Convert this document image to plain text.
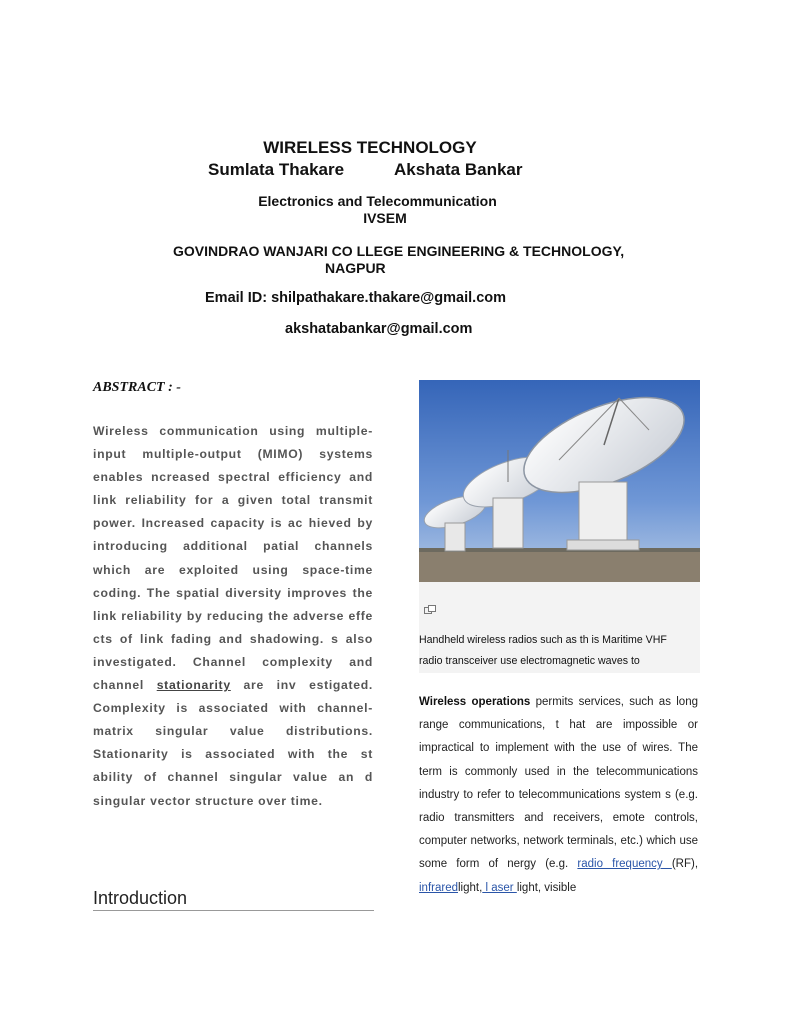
WIRELESS TECHNOLOGY
Sumlata Thakare	Akshata Bankar
Electronics and Telecommunication
IVSEM
GOVINDRAO WANJARI CO LLEGE ENGINEERING & TECHNOLOGY,
NAGPUR
Email ID: shilpathakare.thakare@gmail.com
akshatabankar@gmail.com
ABSTRACT : -
Wireless communication using multiple-input multiple-output (MIMO) systems enables ncreased spectral efficiency and link reliability for a given total transmit power. Increased capacity is ac hieved by introducing additional patial channels which are exploited using space-time coding. The spatial diversity improves the link reliability by reducing the adverse effe cts of link fading and shadowing. s also investigated. Channel complexity and channel stationarity are inv estigated. Complexity is associated with channel-matrix singular value distributions. Stationarity is associated with the st ability of channel singular value an d singular vector structure over time.
Introduction
Handheld wireless radios such as th is Maritime VHF
radio transceiver use electromagnetic waves to
Wireless operations permits services, such as long range communications, t hat are impossible or impractical to implement with the use of wires. The term is commonly used in the telecommunications industry to refer to telecommunications system s (e.g. radio transmitters and receivers, emote controls, computer networks, network terminals, etc.) which use some form of nergy (e.g. radio frequency (RF), infraredlight, l aser light, visible
